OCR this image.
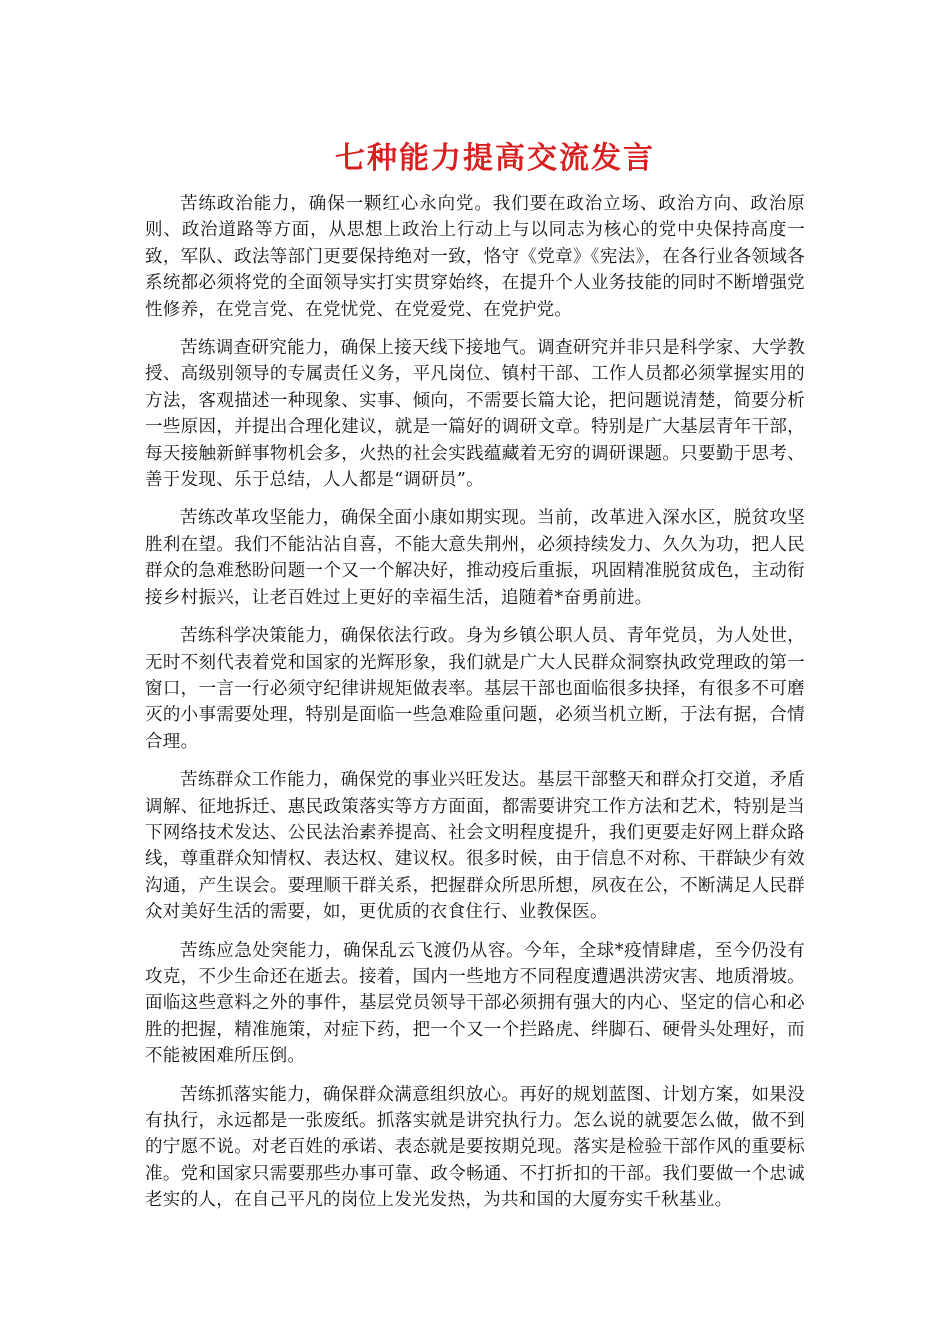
七种能力提高交流发言

苦练政治能力，确保一颗红心永向党。我们要在政治立场、政治方向、政治原则、政治道路等方面，从思想上政治上行动上与以同志为核心的党中央保持高度一致，军队、政法等部门更要保持绝对一致，恪守《党章》《宪法》，在各行业各领域各系统都必须将党的全面领导实打实贯穿始终，在提升个人业务技能的同时不断增强党性修养，在党言党、在党忧党、在党爱党、在党护党。

苦练调查研究能力，确保上接天线下接地气。调查研究并非只是科学家、大学教授、高级别领导的专属责任义务，平凡岗位、镇村干部、工作人员都必须掌握实用的方法，客观描述一种现象、实事、倾向，不需要长篇大论，把问题说清楚，简要分析一些原因，并提出合理化建议，就是一篇好的调研文章。特别是广大基层青年干部，每天接触新鲜事物机会多，火热的社会实践蕴藏着无穷的调研课题。只要勤于思考、善于发现、乐于总结，人人都是“调研员”。

苦练改革攻坚能力，确保全面小康如期实现。当前，改革进入深水区，脱贫攻坚胜利在望。我们不能沾沾自喜，不能大意失荆州，必须持续发力、久久为功，把人民群众的急难愁盼问题一个又一个解决好，推动疫后重振，巩固精准脱贫成色，主动衔接乡村振兴，让老百姓过上更好的幸福生活，追随着*奋勇前进。

苦练科学决策能力，确保依法行政。身为乡镇公职人员、青年党员，为人处世，无时不刻代表着党和国家的光辉形象，我们就是广大人民群众洞察执政党理政的第一窗口，一言一行必须守纪律讲规矩做表率。基层干部也面临很多抉择，有很多不可磨灭的小事需要处理，特别是面临一些急难险重问题，必须当机立断，于法有据，合情合理。

苦练群众工作能力，确保党的事业兴旺发达。基层干部整天和群众打交道，矛盾调解、征地拆迁、惠民政策落实等方方面面，都需要讲究工作方法和艺术，特别是当下网络技术发达、公民法治素养提高、社会文明程度提升，我们更要走好网上群众路线，尊重群众知情权、表达权、建议权。很多时候，由于信息不对称、干群缺少有效沟通，产生误会。要理顺干群关系，把握群众所思所想，夙夜在公，不断满足人民群众对美好生活的需要，如，更优质的衣食住行、业教保医。

苦练应急处突能力，确保乱云飞渡仍从容。今年，全球*疫情肆虐，至今仍没有攻克，不少生命还在逝去。接着，国内一些地方不同程度遭遇洪涝灾害、地质滑坡。面临这些意料之外的事件，基层党员领导干部必须拥有强大的内心、坚定的信心和必胜的把握，精准施策，对症下药，把一个又一个拦路虎、绊脚石、硬骨头处理好，而不能被困难所压倒。

苦练抓落实能力，确保群众满意组织放心。再好的规划蓝图、计划方案，如果没有执行，永远都是一张废纸。抓落实就是讲究执行力。怎么说的就要怎么做，做不到的宁愿不说。对老百姓的承诺、表态就是要按期兑现。落实是检验干部作风的重要标准。党和国家只需要那些办事可靠、政令畅通、不打折扣的干部。我们要做一个忠诚老实的人，在自己平凡的岗位上发光发热，为共和国的大厦夯实千秋基业。
